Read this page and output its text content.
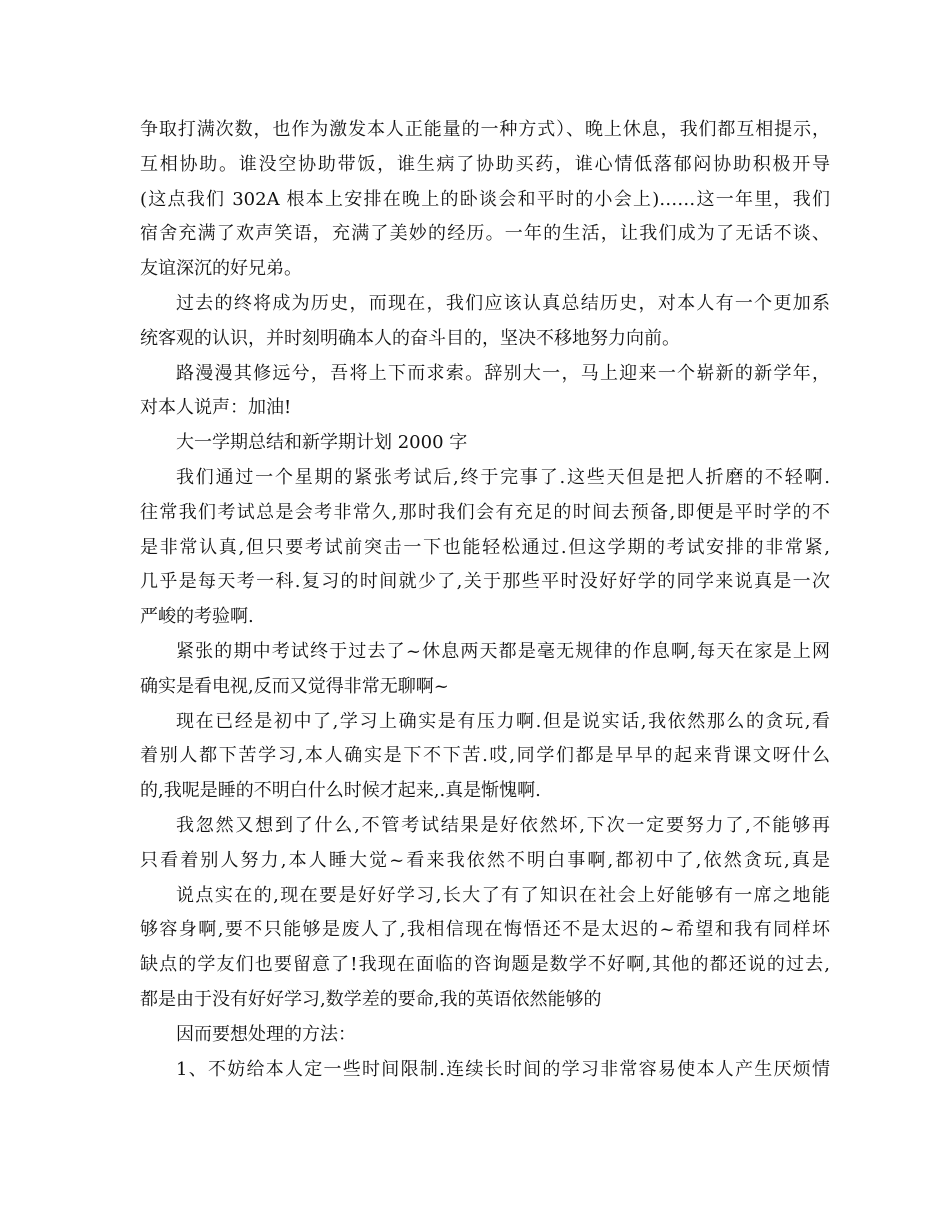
争取打满次数，也作为激发本人正能量的一种方式）、晚上休息，我们都互相提示，
互相协助。谁没空协助带饭，谁生病了协助买药，谁心情低落郁闷协助积极开导
(这点我们 302A 根本上安排在晚上的卧谈会和平时的小会上)……这一年里，我们
宿舍充满了欢声笑语，充满了美妙的经历。一年的生活，让我们成为了无话不谈、
友谊深沉的好兄弟。
过去的终将成为历史，而现在，我们应该认真总结历史，对本人有一个更加系
统客观的认识，并时刻明确本人的奋斗目的，坚决不移地努力向前。
路漫漫其修远兮，吾将上下而求索。辞别大一，马上迎来一个崭新的新学年，
对本人说声：加油!
大一学期总结和新学期计划 2000 字
我们通过一个星期的紧张考试后,终于完事了.这些天但是把人折磨的不轻啊.
往常我们考试总是会考非常久,那时我们会有充足的时间去预备,即便是平时学的不
是非常认真,但只要考试前突击一下也能轻松通过.但这学期的考试安排的非常紧,
几乎是每天考一科.复习的时间就少了,关于那些平时没好好学的同学来说真是一次
严峻的考验啊.
紧张的期中考试终于过去了~休息两天都是毫无规律的作息啊,每天在家是上网
确实是看电视,反而又觉得非常无聊啊~
现在已经是初中了,学习上确实是有压力啊.但是说实话,我依然那么的贪玩,看
着别人都下苦学习,本人确实是下不下苦.哎,同学们都是早早的起来背课文呀什么
的,我呢是睡的不明白什么时候才起来,.真是惭愧啊.
我忽然又想到了什么,不管考试结果是好依然坏,下次一定要努力了,不能够再
只看着别人努力,本人睡大觉~看来我依然不明白事啊,都初中了,依然贪玩,真是
说点实在的,现在要是好好学习,长大了有了知识在社会上好能够有一席之地能
够容身啊,要不只能够是废人了,我相信现在悔悟还不是太迟的~希望和我有同样坏
缺点的学友们也要留意了!我现在面临的咨询题是数学不好啊,其他的都还说的过去,
都是由于没有好好学习,数学差的要命,我的英语依然能够的
因而要想处理的方法：
1、不妨给本人定一些时间限制.连续长时间的学习非常容易使本人产生厌烦情
